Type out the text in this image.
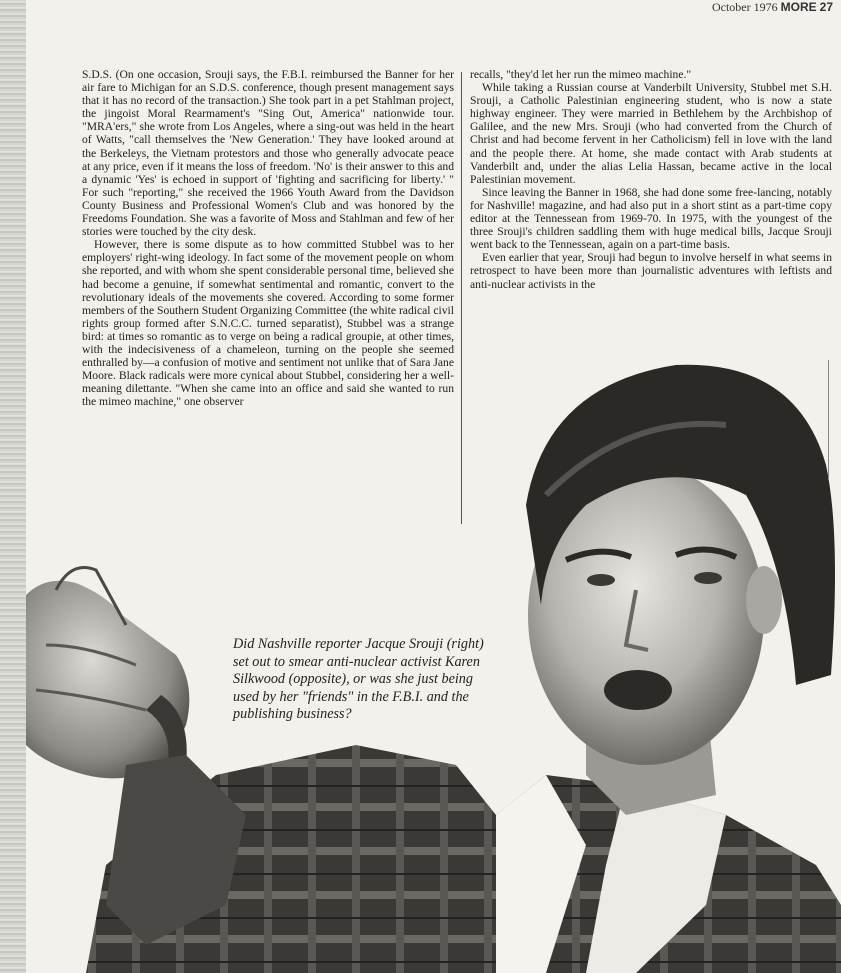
October 1976 MORE 27

S.D.S. (On one occasion, Srouji says, the F.B.I. reimbursed the Banner for her air fare to Michigan for an S.D.S. conference, though present management says that it has no record of the transaction.) She took part in a pet Stahlman project, the jingoist Moral Rearmament's "Sing Out, America" nationwide tour. "MRA'ers," she wrote from Los Angeles, where a sing-out was held in the heart of Watts, "call themselves the 'New Generation.' They have looked around at the Berkeleys, the Vietnam protestors and those who generally advocate peace at any price, even if it means the loss of freedom. 'No' is their answer to this and a dynamic 'Yes' is echoed in support of 'fighting and sacrificing for liberty.' " For such "reporting," she received the 1966 Youth Award from the Davidson County Business and Professional Women's Club and was honored by the Freedoms Foundation. She was a favorite of Moss and Stahlman and few of her stories were touched by the city desk.

However, there is some dispute as to how committed Stubbel was to her employers' right-wing ideology. In fact some of the movement people on whom she reported, and with whom she spent considerable personal time, believed she had become a genuine, if somewhat sentimental and romantic, convert to the revolutionary ideals of the movements she covered. According to some former members of the Southern Student Organizing Committee (the white radical civil rights group formed after S.N.C.C. turned separatist), Stubbel was a strange bird: at times so romantic as to verge on being a radical groupie, at other times, with the indecisiveness of a chameleon, turning on the people she seemed enthralled by—a confusion of motive and sentiment not unlike that of Sara Jane Moore. Black radicals were more cynical about Stubbel, considering her a well-meaning dilettante. "When she came into an office and said she wanted to run the mimeo machine," one observer

recalls, "they'd let her run the mimeo machine."

While taking a Russian course at Vanderbilt University, Stubbel met S.H. Srouji, a Catholic Palestinian engineering student, who is now a state highway engineer. They were married in Bethlehem by the Archbishop of Galilee, and the new Mrs. Srouji (who had converted from the Church of Christ and had become fervent in her Catholicism) fell in love with the land and the people there. At home, she made contact with Arab students at Vanderbilt and, under the alias Lelia Hassan, became active in the local Palestinian movement.

Since leaving the Banner in 1968, she had done some free-lancing, notably for Nashville! magazine, and had also put in a short stint as a part-time copy editor at the Tennessean from 1969-70. In 1975, with the youngest of the three Srouji's children saddling them with huge medical bills, Jacque Srouji went back to the Tennessean, again on a part-time basis.

Even earlier that year, Srouji had begun to involve herself in what seems in retrospect to have been more than journalistic adventures with leftists and anti-nuclear activists in the

Did Nashville reporter Jacque Srouji (right) set out to smear anti-nuclear activist Karen Silkwood (opposite), or was she just being used by her "friends" in the F.B.I. and the publishing business?
